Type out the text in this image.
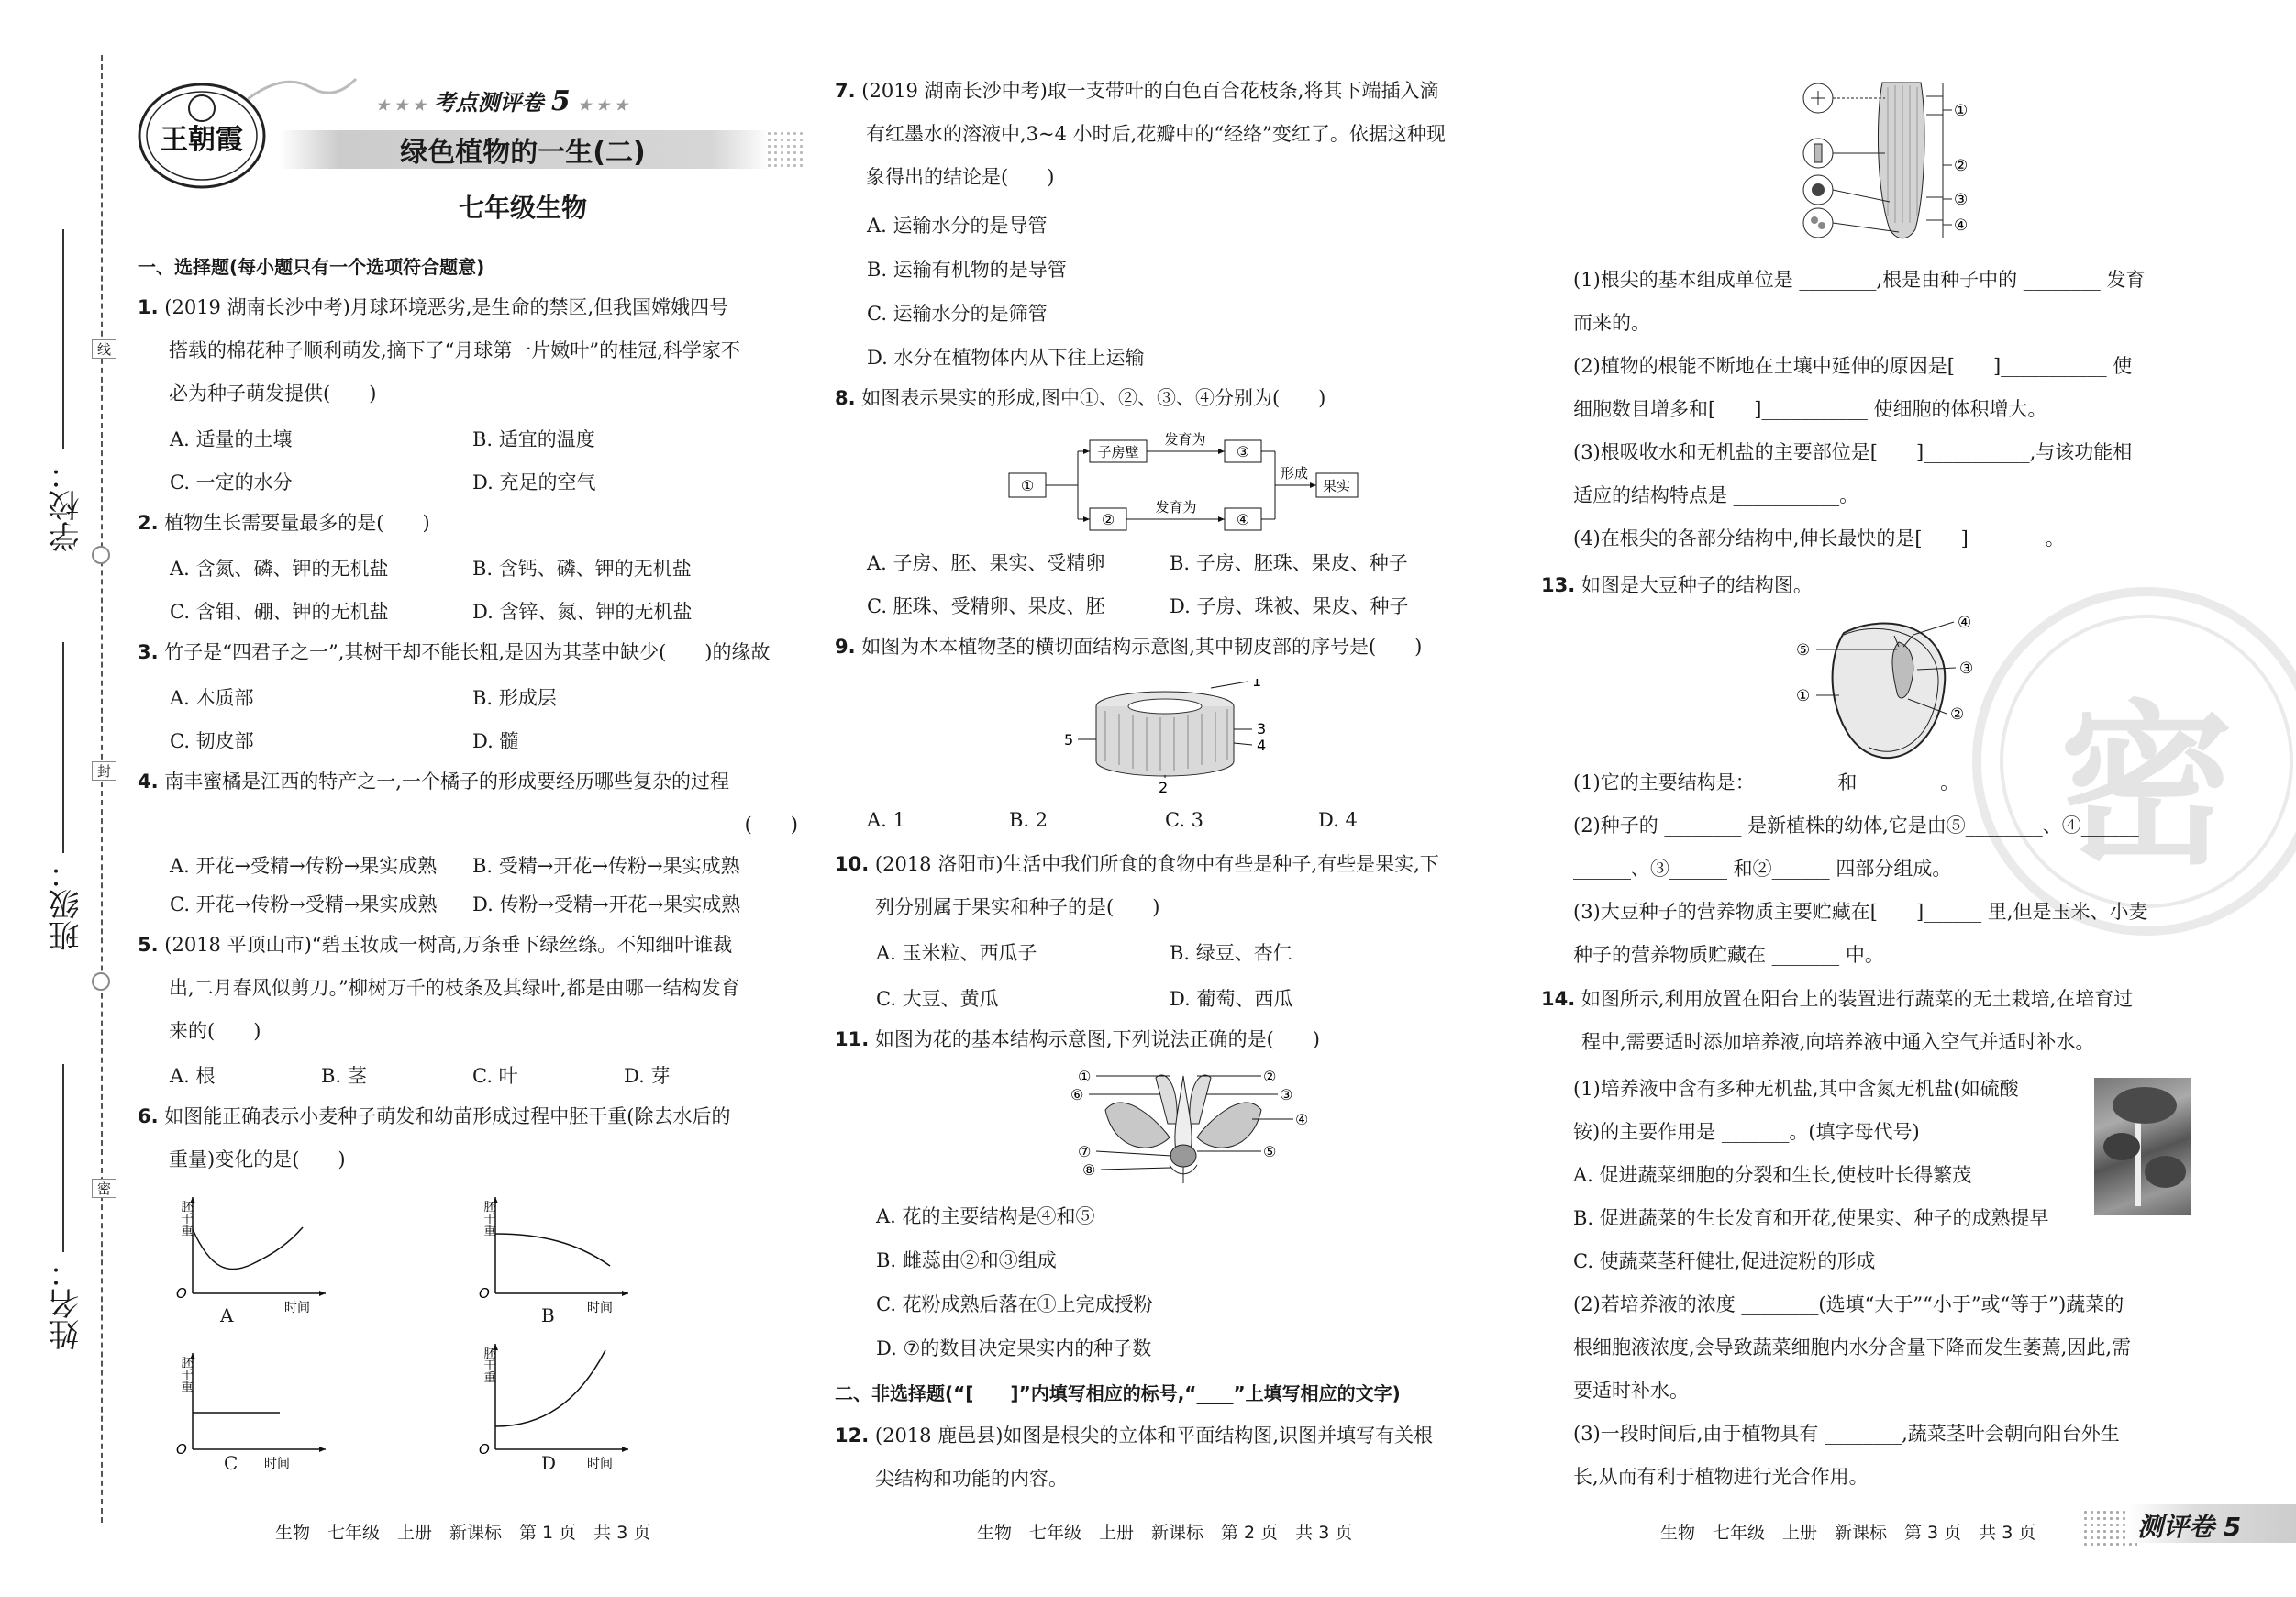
学校：
班级：
姓名：
线
封
密
王朝霞
★ ★ ★ 考点测评卷 5 ★ ★ ★
绿色植物的一生(二)
七年级生物
一、选择题(每小题只有一个选项符合题意)
1. (2019 湖南长沙中考)月球环境恶劣,是生命的禁区,但我国嫦娥四号
搭载的棉花种子顺利萌发,摘下了“月球第一片嫩叶”的桂冠,科学家不
必为种子萌发提供(　　)
A. 适量的土壤	B. 适宜的温度
C. 一定的水分	D. 充足的空气
2. 植物生长需要量最多的是(　　)
A. 含氮、磷、钾的无机盐	B. 含钙、磷、钾的无机盐
C. 含钼、硼、钾的无机盐	D. 含锌、氮、钾的无机盐
3. 竹子是“四君子之一”,其树干却不能长粗,是因为其茎中缺少(　　)的缘故
A. 木质部	B. 形成层
C. 韧皮部	D. 髓
4. 南丰蜜橘是江西的特产之一,一个橘子的形成要经历哪些复杂的过程
(　　)
A. 开花→受精→传粉→果实成熟 B. 受精→开花→传粉→果实成熟
C. 开花→传粉→受精→果实成熟 D. 传粉→受精→开花→果实成熟
5. (2018 平顶山市)“碧玉妆成一树高,万条垂下绿丝绦。不知细叶谁裁
出,二月春风似剪刀。”柳树万千的枝条及其绿叶,都是由哪一结构发育
来的(　　)
A. 根	B. 茎	C. 叶	D. 芽
6. 如图能正确表示小麦种子萌发和幼苗形成过程中胚干重(除去水后的
重量)变化的是(　　)
胚干重
O
时间
A
胚干重
O
时间
B
胚干重
O
时间
C
胚干重
O
时间
D
生物　七年级　上册　新课标　第 1 页　共 3 页
7. (2019 湖南长沙中考)取一支带叶的白色百合花枝条,将其下端插入滴
有红墨水的溶液中,3~4 小时后,花瓣中的“经络”变红了。依据这种现
象得出的结论是(　　)
A. 运输水分的是导管
B. 运输有机物的是导管
C. 运输水分的是筛管
D. 水分在植物体内从下往上运输
8. 如图表示果实的形成,图中①、②、③、④分别为(　　)
①
子房壁
②
发育为
发育为
③
④
形成
果实
A. 子房、胚、果实、受精卵	B. 子房、胚珠、果皮、种子
C. 胚珠、受精卵、果皮、胚	D. 子房、珠被、果皮、种子
9. 如图为木本植物茎的横切面结构示意图,其中韧皮部的序号是(　　)
1
3
4
5
2
A. 1	B. 2	C. 3	D. 4
10. (2018 洛阳市)生活中我们所食的食物中有些是种子,有些是果实,下
列分别属于果实和种子的是(　　)
A. 玉米粒、西瓜子	B. 绿豆、杏仁
C. 大豆、黄瓜	D. 葡萄、西瓜
11. 如图为花的基本结构示意图,下列说法正确的是(　　)
①	②
③
④
⑤
⑥
⑦
⑧
A. 花的主要结构是④和⑤
B. 雌蕊由②和③组成
C. 花粉成熟后落在①上完成授粉
D. ⑦的数目决定果实内的种子数
二、非选择题(“[　　]”内填写相应的标号,“____”上填写相应的文字)
12. (2018 鹿邑县)如图是根尖的立体和平面结构图,识图并填写有关根
尖结构和功能的内容。
生物　七年级　上册　新课标　第 2 页　共 3 页
密
①
②
③
④
(1)根尖的基本组成单位是 ________,根是由种子中的 ________ 发育
而来的。
(2)植物的根能不断地在土壤中延伸的原因是[　　]___________ 使
细胞数目增多和[　　]___________ 使细胞的体积增大。
(3)根吸收水和无机盐的主要部位是[　　]___________,与该功能相
适应的结构特点是 ___________。
(4)在根尖的各部分结构中,伸长最快的是[　　]________。
13. 如图是大豆种子的结构图。
⑤
④
③
②
①
(1)它的主要结构是：________ 和 ________。
(2)种子的 ________ 是新植株的幼体,它是由⑤________、④______
______、③______ 和②______ 四部分组成。
(3)大豆种子的营养物质主要贮藏在[　　]______ 里,但是玉米、小麦
种子的营养物质贮藏在 _______ 中。
14. 如图所示,利用放置在阳台上的装置进行蔬菜的无土栽培,在培育过
程中,需要适时添加培养液,向培养液中通入空气并适时补水。
(1)培养液中含有多种无机盐,其中含氮无机盐(如硫酸
铵)的主要作用是 _______。(填字母代号)
A. 促进蔬菜细胞的分裂和生长,使枝叶长得繁茂
B. 促进蔬菜的生长发育和开花,使果实、种子的成熟提早
C. 使蔬菜茎秆健壮,促进淀粉的形成
(2)若培养液的浓度 ________(选填“大于”“小于”或“等于”)蔬菜的
根细胞液浓度,会导致蔬菜细胞内水分含量下降而发生萎蔫,因此,需
要适时补水。
(3)一段时间后,由于植物具有 ________,蔬菜茎叶会朝向阳台外生
长,从而有利于植物进行光合作用。
生物　七年级　上册　新课标　第 3 页　共 3 页	测评卷 5
